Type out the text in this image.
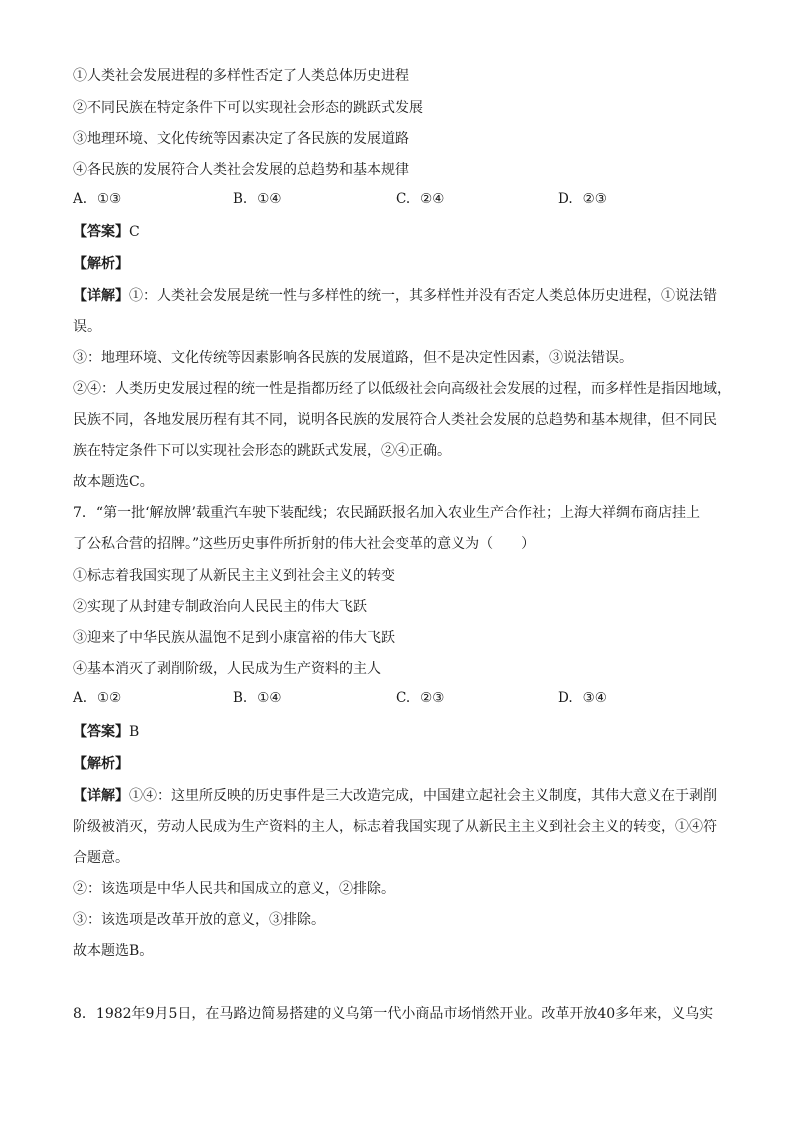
①人类社会发展进程的多样性否定了人类总体历史进程
②不同民族在特定条件下可以实现社会形态的跳跃式发展
③地理环境、文化传统等因素决定了各民族的发展道路
④各民族的发展符合人类社会发展的总趋势和基本规律
A. ①③	B. ①④	C. ②④	D. ②③
【答案】C
【解析】
【详解】①：人类社会发展是统一性与多样性的统一，其多样性并没有否定人类总体历史进程，①说法错
误。
③：地理环境、文化传统等因素影响各民族的发展道路，但不是决定性因素，③说法错误。
②④：人类历史发展过程的统一性是指都历经了以低级社会向高级社会发展的过程，而多样性是指因地域，
民族不同，各地发展历程有其不同，说明各民族的发展符合人类社会发展的总趋势和基本规律，但不同民
族在特定条件下可以实现社会形态的跳跃式发展，②④正确。
故本题选C。
7．“第一批‘解放牌’载重汽车驶下装配线；农民踊跃报名加入农业生产合作社；上海大祥绸布商店挂上
了公私合营的招牌。”这些历史事件所折射的伟大社会变革的意义为（　　）
①标志着我国实现了从新民主主义到社会主义的转变
②实现了从封建专制政治向人民民主的伟大飞跃
③迎来了中华民族从温饱不足到小康富裕的伟大飞跃
④基本消灭了剥削阶级，人民成为生产资料的主人
A. ①②	B. ①④	C. ②③	D. ③④
【答案】B
【解析】
【详解】①④：这里所反映的历史事件是三大改造完成，中国建立起社会主义制度，其伟大意义在于剥削
阶级被消灭，劳动人民成为生产资料的主人，标志着我国实现了从新民主主义到社会主义的转变，①④符
合题意。
②：该选项是中华人民共和国成立的意义，②排除。
③：该选项是改革开放的意义，③排除。
故本题选B。
8．1982年9月5日，在马路边简易搭建的义乌第一代小商品市场悄然开业。改革开放40多年来，义乌实
